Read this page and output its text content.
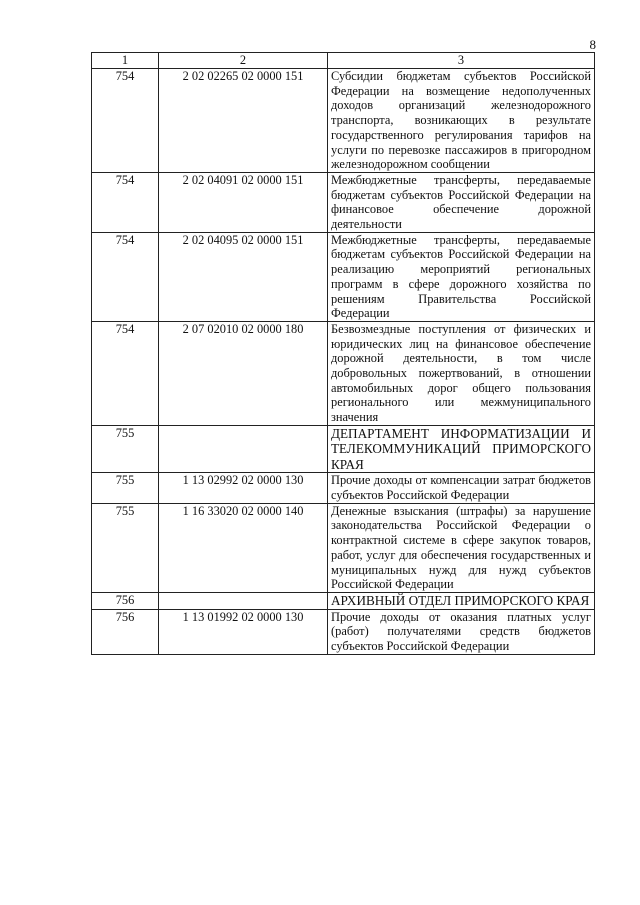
8
1	2	3
754	2 02 02265 02 0000 151	Субсидии бюджетам субъектов Российской Федерации на возмещение недополученных доходов организаций железнодорожного транспорта, возникающих в результате государственного регулирования тарифов на услуги по перевозке пассажиров в пригородном железнодорожном сообщении
754	2 02 04091 02 0000 151	Межбюджетные трансферты, передаваемые бюджетам субъектов Российской Федерации на финансовое обеспечение дорожной деятельности
754	2 02 04095 02 0000 151	Межбюджетные трансферты, передаваемые бюджетам субъектов Российской Федерации на реализацию мероприятий региональных программ в сфере дорожного хозяйства по решениям Правительства Российской Федерации
754	2 07 02010 02 0000 180	Безвозмездные поступления от физических и юридических лиц на финансовое обеспечение дорожной деятельности, в том числе добровольных пожертвований, в отношении автомобильных дорог общего пользования регионального или межмуниципального значения
755		ДЕПАРТАМЕНТ ИНФОРМАТИЗАЦИИ И ТЕЛЕКОММУНИКАЦИЙ ПРИМОРСКОГО КРАЯ
755	1 13 02992 02 0000 130	Прочие доходы от компенсации затрат бюджетов субъектов Российской Федерации
755	1 16 33020 02 0000 140	Денежные взыскания (штрафы) за нарушение законодательства Российской Федерации о контрактной системе в сфере закупок товаров, работ, услуг для обеспечения государственных и муниципальных нужд для нужд субъектов Российской Федерации
756		АРХИВНЫЙ ОТДЕЛ ПРИМОРСКОГО КРАЯ
756	1 13 01992 02 0000 130	Прочие доходы от оказания платных услуг (работ) получателями средств бюджетов субъектов Российской Федерации
